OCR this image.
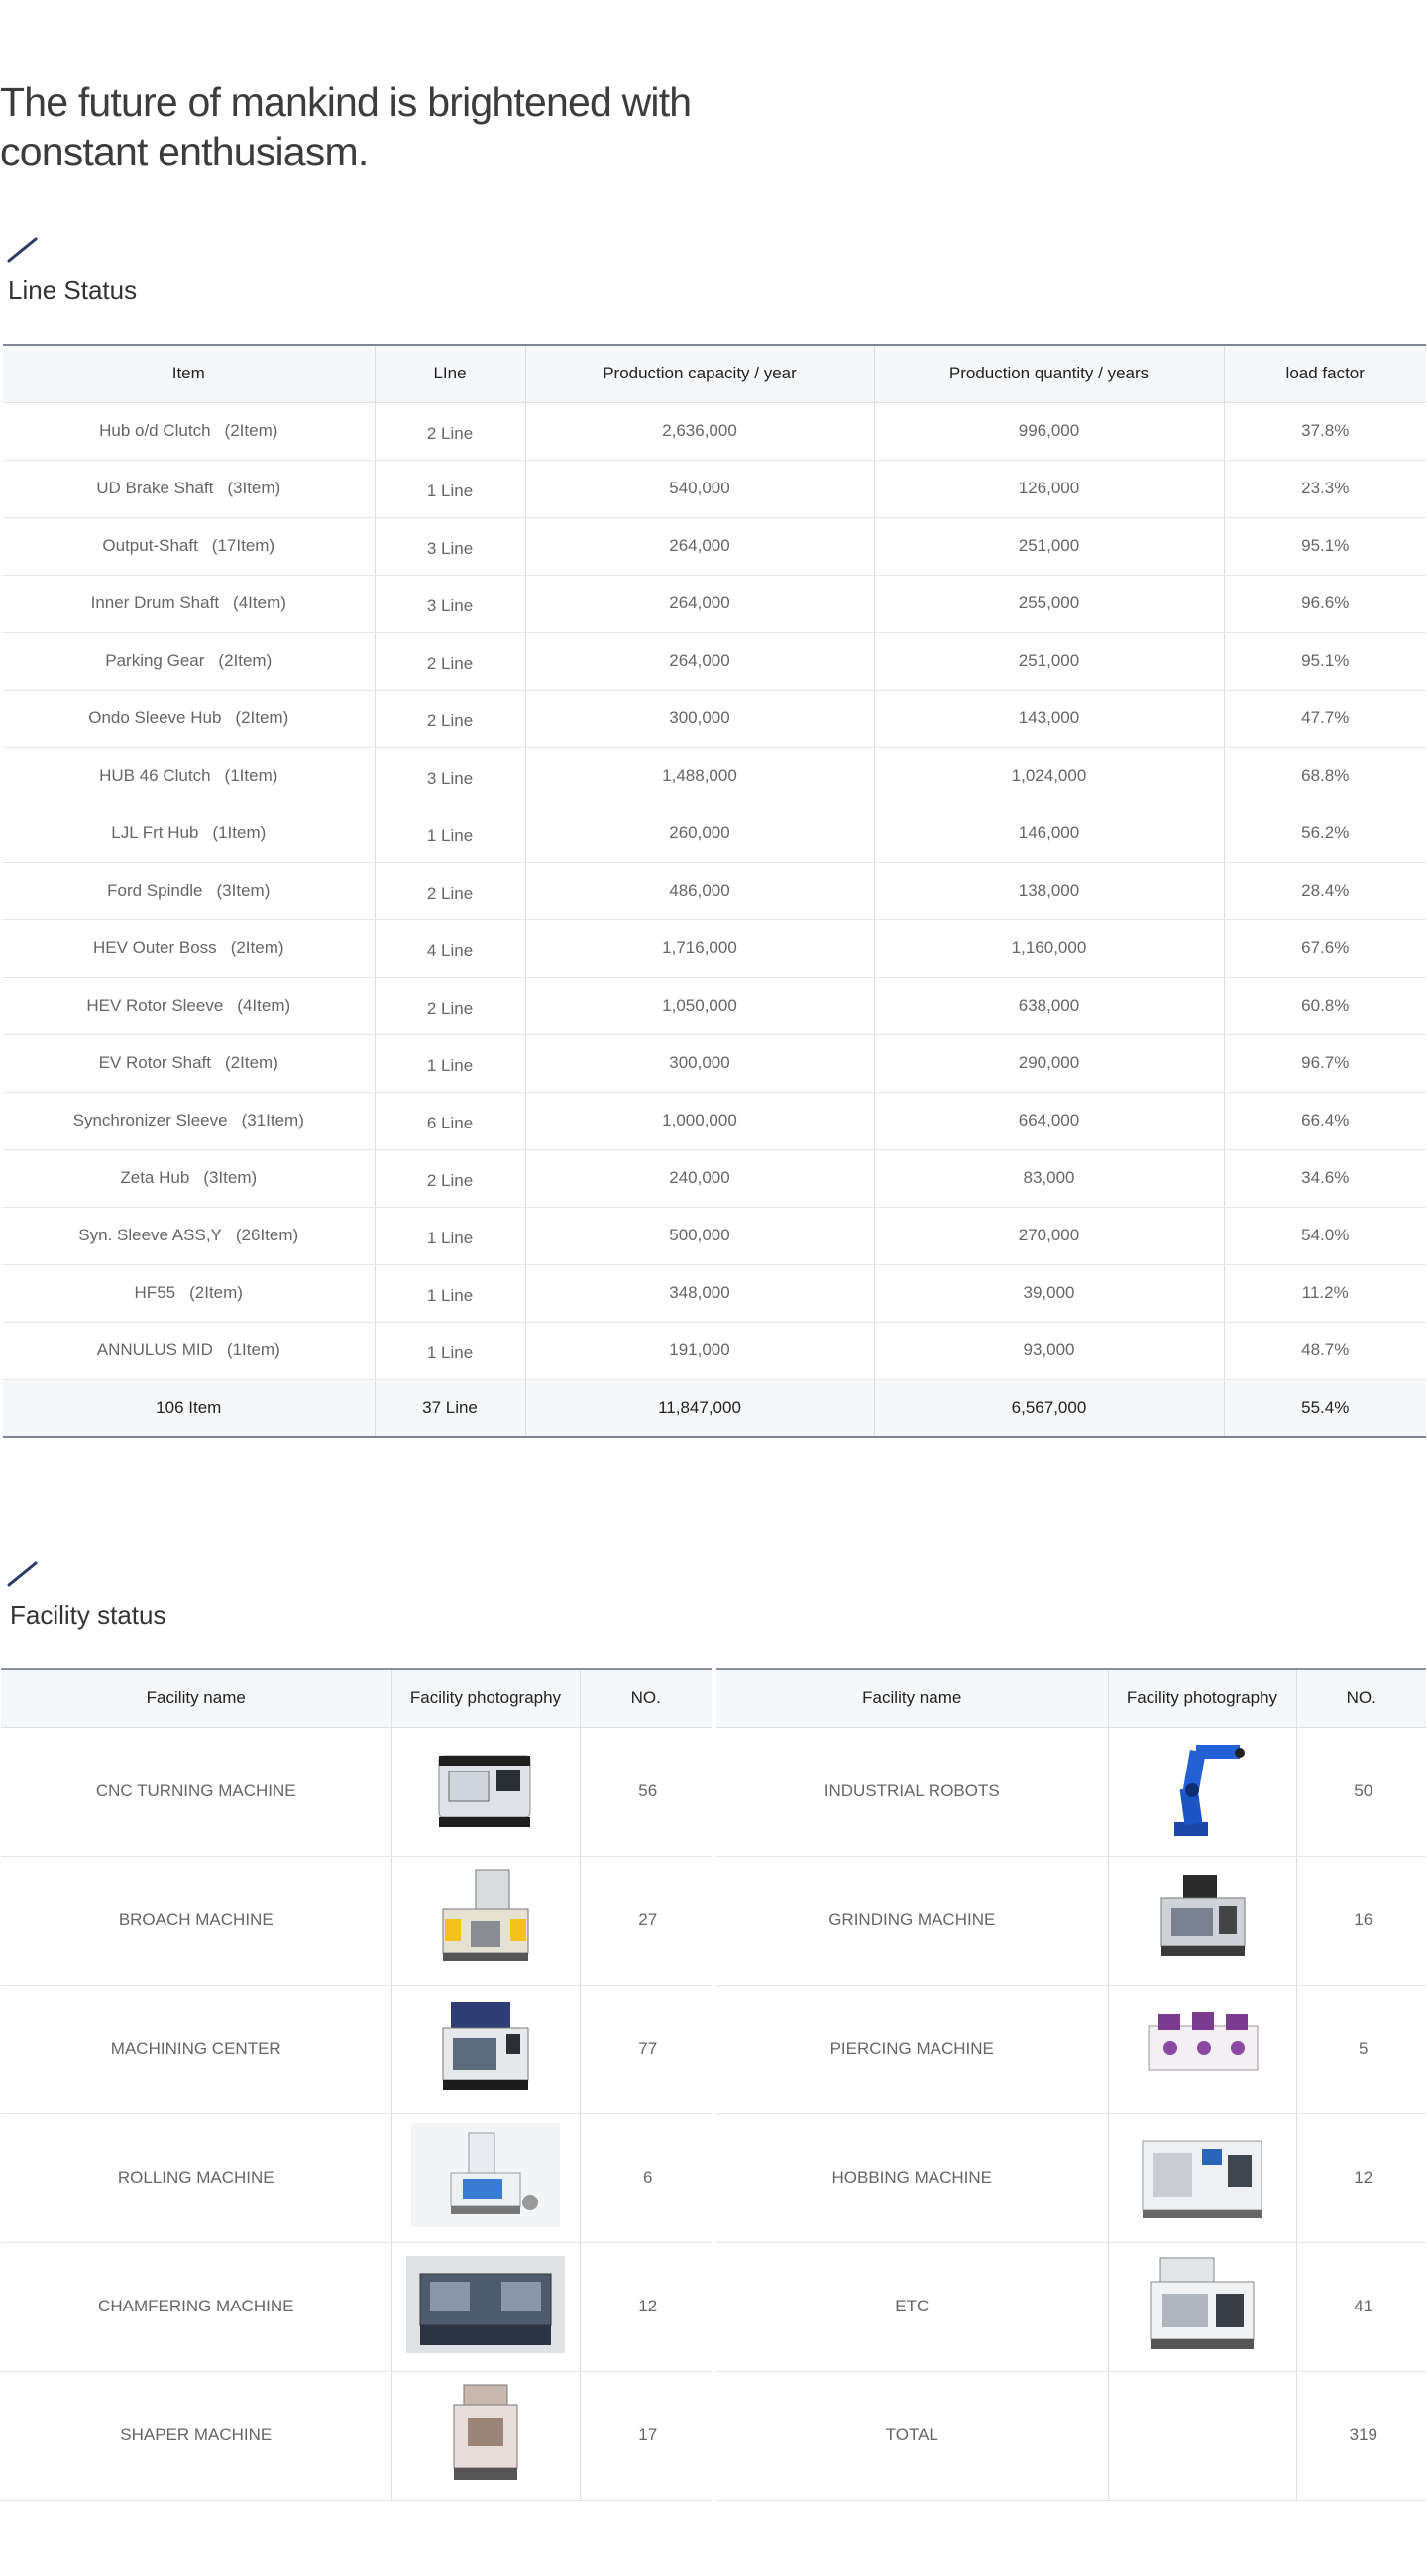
The future of mankind is brightened with
constant enthusiasm.
Line Status
Item	LIne	Production capacity / year	Production quantity / years	load factor
Hub o/d Clutch (2Item)	2 Line	2,636,000	996,000	37.8%
UD Brake Shaft (3Item)	1 Line	540,000	126,000	23.3%
Output-Shaft (17Item)	3 Line	264,000	251,000	95.1%
Inner Drum Shaft (4Item)	3 Line	264,000	255,000	96.6%
Parking Gear (2Item)	2 Line	264,000	251,000	95.1%
Ondo Sleeve Hub (2Item)	2 Line	300,000	143,000	47.7%
HUB 46 Clutch (1Item)	3 Line	1,488,000	1,024,000	68.8%
LJL Frt Hub (1Item)	1 Line	260,000	146,000	56.2%
Ford Spindle (3Item)	2 Line	486,000	138,000	28.4%
HEV Outer Boss (2Item)	4 Line	1,716,000	1,160,000	67.6%
HEV Rotor Sleeve (4Item)	2 Line	1,050,000	638,000	60.8%
EV Rotor Shaft (2Item)	1 Line	300,000	290,000	96.7%
Synchronizer Sleeve (31Item)	6 Line	1,000,000	664,000	66.4%
Zeta Hub (3Item)	2 Line	240,000	83,000	34.6%
Syn. Sleeve ASS,Y (26Item)	1 Line	500,000	270,000	54.0%
HF55 (2Item)	1 Line	348,000	39,000	11.2%
ANNULUS MID (1Item)	1 Line	191,000	93,000	48.7%
106 Item	37 Line	11,847,000	6,567,000	55.4%
Facility status
Facility name	Facility photography	NO.
CNC TURNING MACHINE		56
BROACH MACHINE		27
MACHINING CENTER		77
ROLLING MACHINE		6
CHAMFERING MACHINE		12
SHAPER MACHINE		17
Facility name	Facility photography	NO.
INDUSTRIAL ROBOTS		50
GRINDING MACHINE		16
PIERCING MACHINE		5
HOBBING MACHINE		12
ETC		41
TOTAL		319
